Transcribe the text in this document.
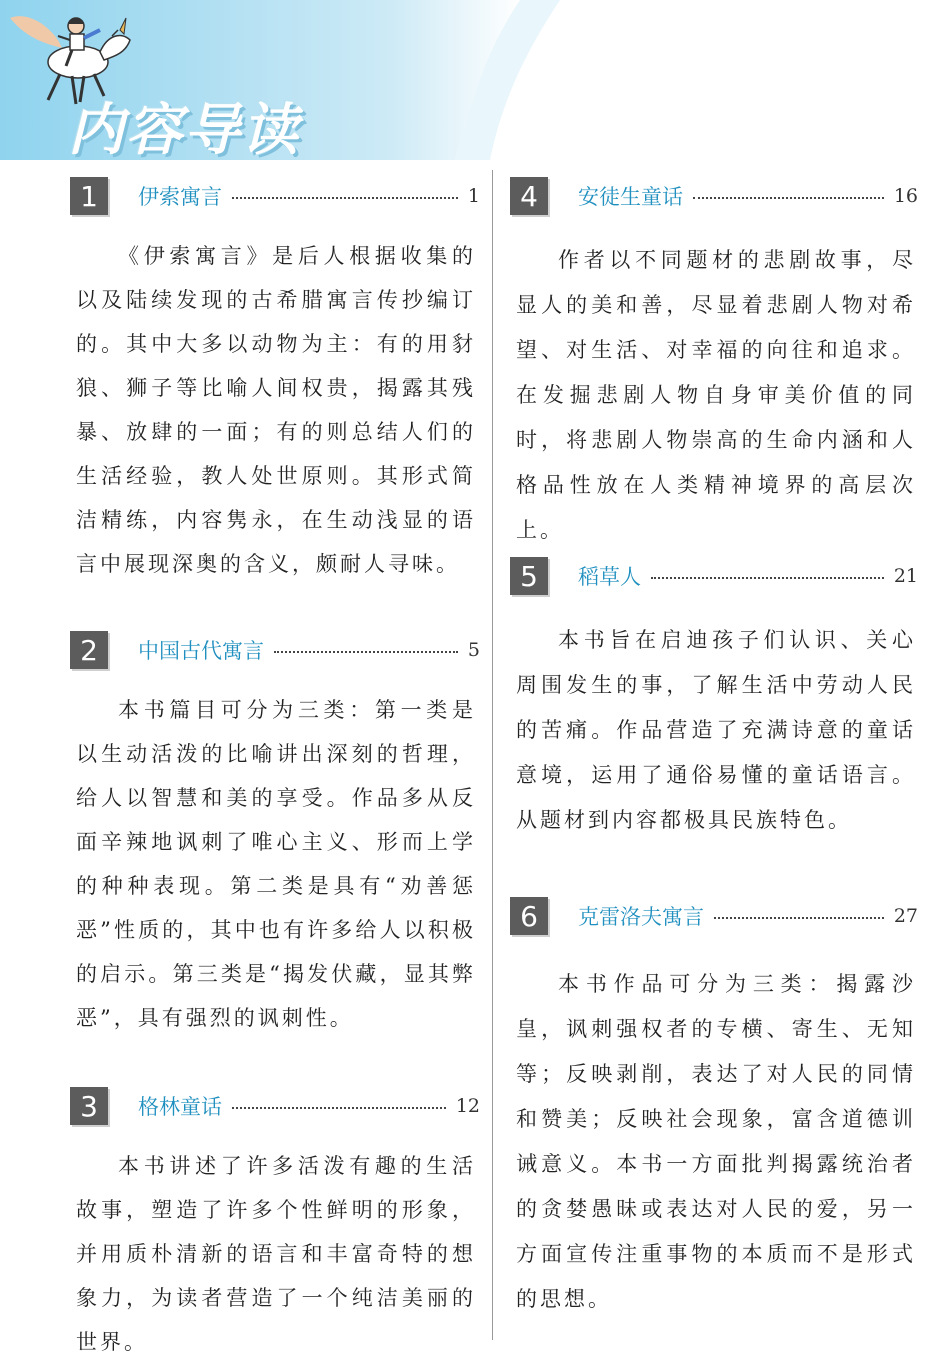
内容导读
1	伊索寓言	1
《伊索寓言》是后人根据收集的以及陆续发现的古希腊寓言传抄编订的。其中大多以动物为主：有的用豺狼、狮子等比喻人间权贵，揭露其残暴、放肆的一面；有的则总结人们的生活经验，教人处世原则。其形式简洁精练，内容隽永，在生动浅显的语言中展现深奥的含义，颇耐人寻味。
2	中国古代寓言	5
本书篇目可分为三类：第一类是以生动活泼的比喻讲出深刻的哲理，给人以智慧和美的享受。作品多从反面辛辣地讽刺了唯心主义、形而上学的种种表现。第二类是具有“劝善惩恶”性质的，其中也有许多给人以积极的启示。第三类是“揭发伏藏，显其弊恶”，具有强烈的讽刺性。
3	格林童话	12
本书讲述了许多活泼有趣的生活故事，塑造了许多个性鲜明的形象，并用质朴清新的语言和丰富奇特的想象力，为读者营造了一个纯洁美丽的世界。
4	安徒生童话	16
作者以不同题材的悲剧故事，尽显人的美和善，尽显着悲剧人物对希望、对生活、对幸福的向往和追求。在发掘悲剧人物自身审美价值的同时，将悲剧人物崇高的生命内涵和人格品性放在人类精神境界的高层次上。
5	稻草人	21
本书旨在启迪孩子们认识、关心周围发生的事，了解生活中劳动人民的苦痛。作品营造了充满诗意的童话意境，运用了通俗易懂的童话语言。从题材到内容都极具民族特色。
6	克雷洛夫寓言	27
本书作品可分为三类：揭露沙皇，讽刺强权者的专横、寄生、无知等；反映剥削，表达了对人民的同情和赞美；反映社会现象，富含道德训诫意义。本书一方面批判揭露统治者的贪婪愚昧或表达对人民的爱，另一方面宣传注重事物的本质而不是形式的思想。
